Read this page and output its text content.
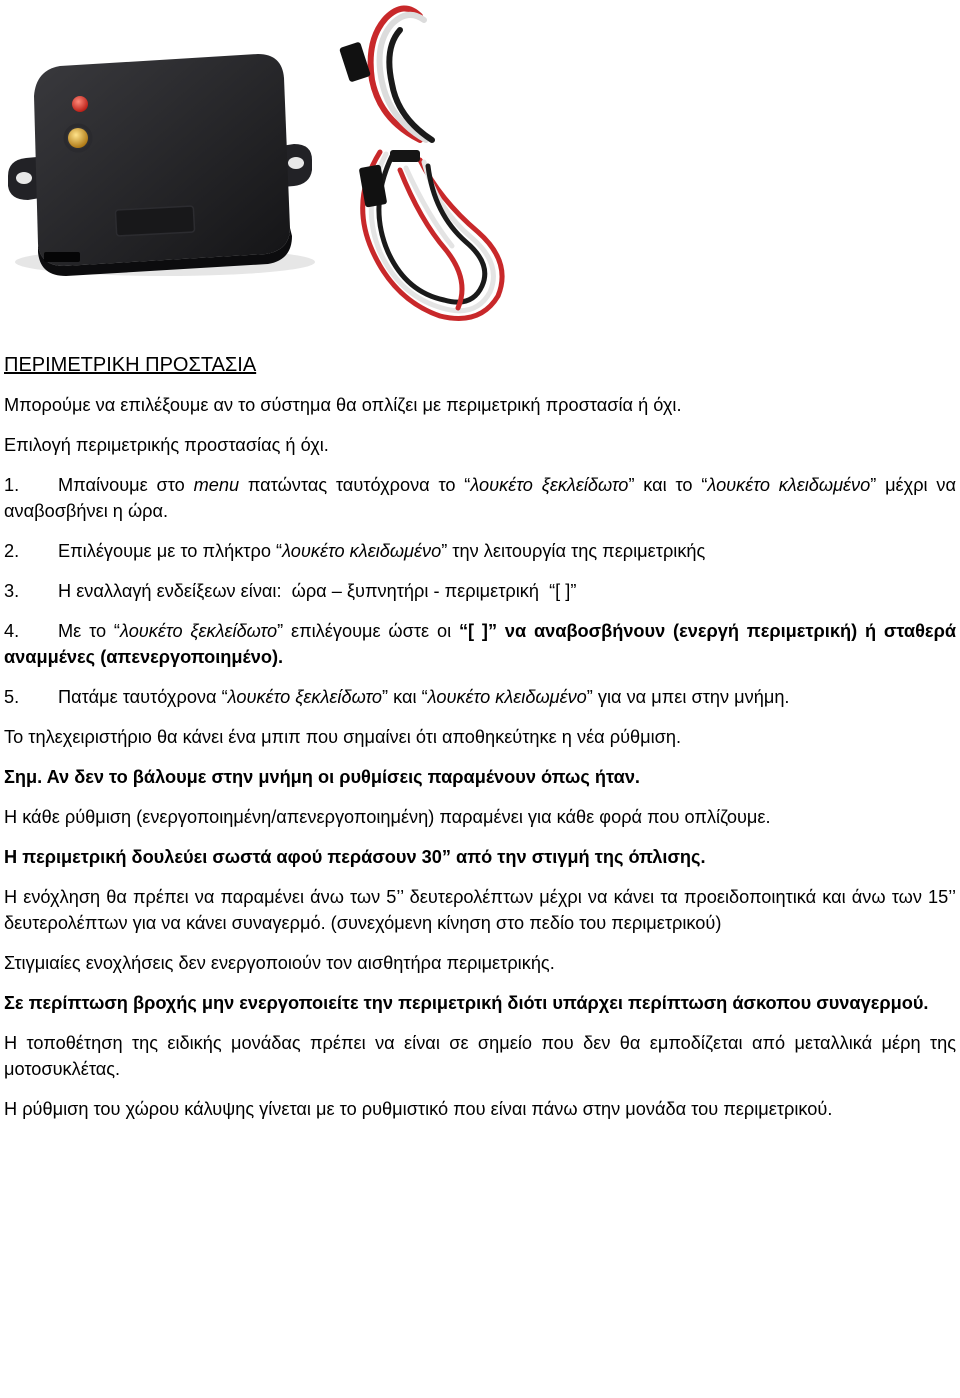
ΠΕΡΙΜΕΤΡΙΚΗ ΠΡΟΣΤΑΣΙΑ

Μπορούμε να επιλέξουμε αν το σύστημα θα οπλίζει με περιμετρική προστασία ή όχι.

Επιλογή περιμετρικής προστασίας ή όχι.

1. Μπαίνουμε στο menu πατώντας ταυτόχρονα το “λουκέτο ξεκλείδωτο” και το “λουκέτο κλειδωμένο” μέχρι να αναβοσβήνει η ώρα.

2. Επιλέγουμε με το πλήκτρο “λουκέτο κλειδωμένο” την λειτουργία της περιμετρικής

3. Η εναλλαγή ενδείξεων είναι:  ώρα – ξυπνητήρι - περιμετρική  “[ ]”

4. Με το “λουκέτο ξεκλείδωτο” επιλέγουμε ώστε οι “[ ]” να αναβοσβήνουν (ενεργή περιμετρική) ή σταθερά αναμμένες (απενεργοποιημένο).

5. Πατάμε ταυτόχρονα “λουκέτο ξεκλείδωτο” και “λουκέτο κλειδωμένο” για να μπει στην μνήμη.

Το τηλεχειριστήριο θα κάνει ένα μπιπ που σημαίνει ότι αποθηκεύτηκε η νέα ρύθμιση.

Σημ. Αν δεν το βάλουμε στην μνήμη οι ρυθμίσεις παραμένουν όπως ήταν.

Η κάθε ρύθμιση (ενεργοποιημένη/απενεργοποιημένη) παραμένει για κάθε φορά που οπλίζουμε.

Η περιμετρική δουλεύει σωστά αφού περάσουν 30” από την στιγμή της όπλισης.

Η ενόχληση θα πρέπει να παραμένει άνω των 5’’ δευτερολέπτων μέχρι να κάνει τα προειδοποιητικά και άνω των 15’’ δευτερολέπτων για να κάνει συναγερμό. (συνεχόμενη κίνηση στο πεδίο του περιμετρικού)

Στιγμιαίες ενοχλήσεις δεν ενεργοποιούν τον αισθητήρα περιμετρικής.

Σε περίπτωση βροχής μην ενεργοποιείτε την περιμετρική διότι υπάρχει περίπτωση άσκοπου συναγερμού.

Η τοποθέτηση της ειδικής μονάδας πρέπει να είναι σε σημείο που δεν θα εμποδίζεται από μεταλλικά μέρη της μοτοσυκλέτας.

Η ρύθμιση του χώρου κάλυψης γίνεται με το ρυθμιστικό που είναι πάνω στην μονάδα του περιμετρικού.
